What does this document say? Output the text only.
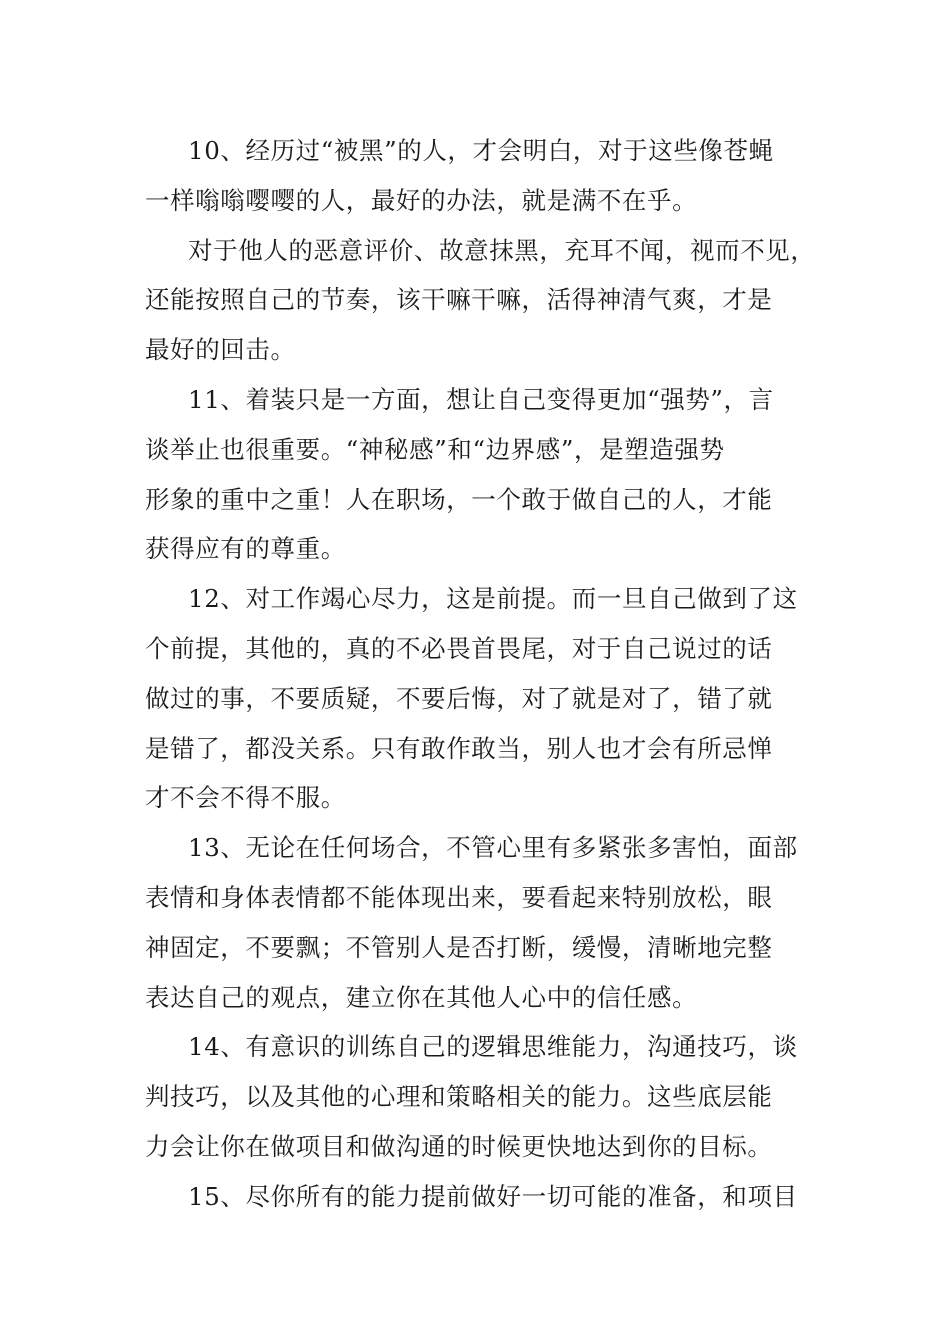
10、经历过“被黑”的人，才会明白，对于这些像苍蝇
一样嗡嗡嘤嘤的人，最好的办法，就是满不在乎。
对于他人的恶意评价、故意抹黑，充耳不闻，视而不见，
还能按照自己的节奏，该干嘛干嘛，活得神清气爽，才是
最好的回击。
11、着装只是一方面，想让自己变得更加“强势”，言
谈举止也很重要。“神秘感”和“边界感”，是塑造强势
形象的重中之重！人在职场，一个敢于做自己的人，才能
获得应有的尊重。
12、对工作竭心尽力，这是前提。而一旦自己做到了这
个前提，其他的，真的不必畏首畏尾，对于自己说过的话
做过的事，不要质疑，不要后悔，对了就是对了，错了就
是错了，都没关系。只有敢作敢当，别人也才会有所忌惮
才不会不得不服。
13、无论在任何场合，不管心里有多紧张多害怕，面部
表情和身体表情都不能体现出来，要看起来特别放松，眼
神固定，不要飘；不管别人是否打断，缓慢，清晰地完整
表达自己的观点，建立你在其他人心中的信任感。
14、有意识的训练自己的逻辑思维能力，沟通技巧，谈
判技巧，以及其他的心理和策略相关的能力。这些底层能
力会让你在做项目和做沟通的时候更快地达到你的目标。
15、尽你所有的能力提前做好一切可能的准备，和项目
